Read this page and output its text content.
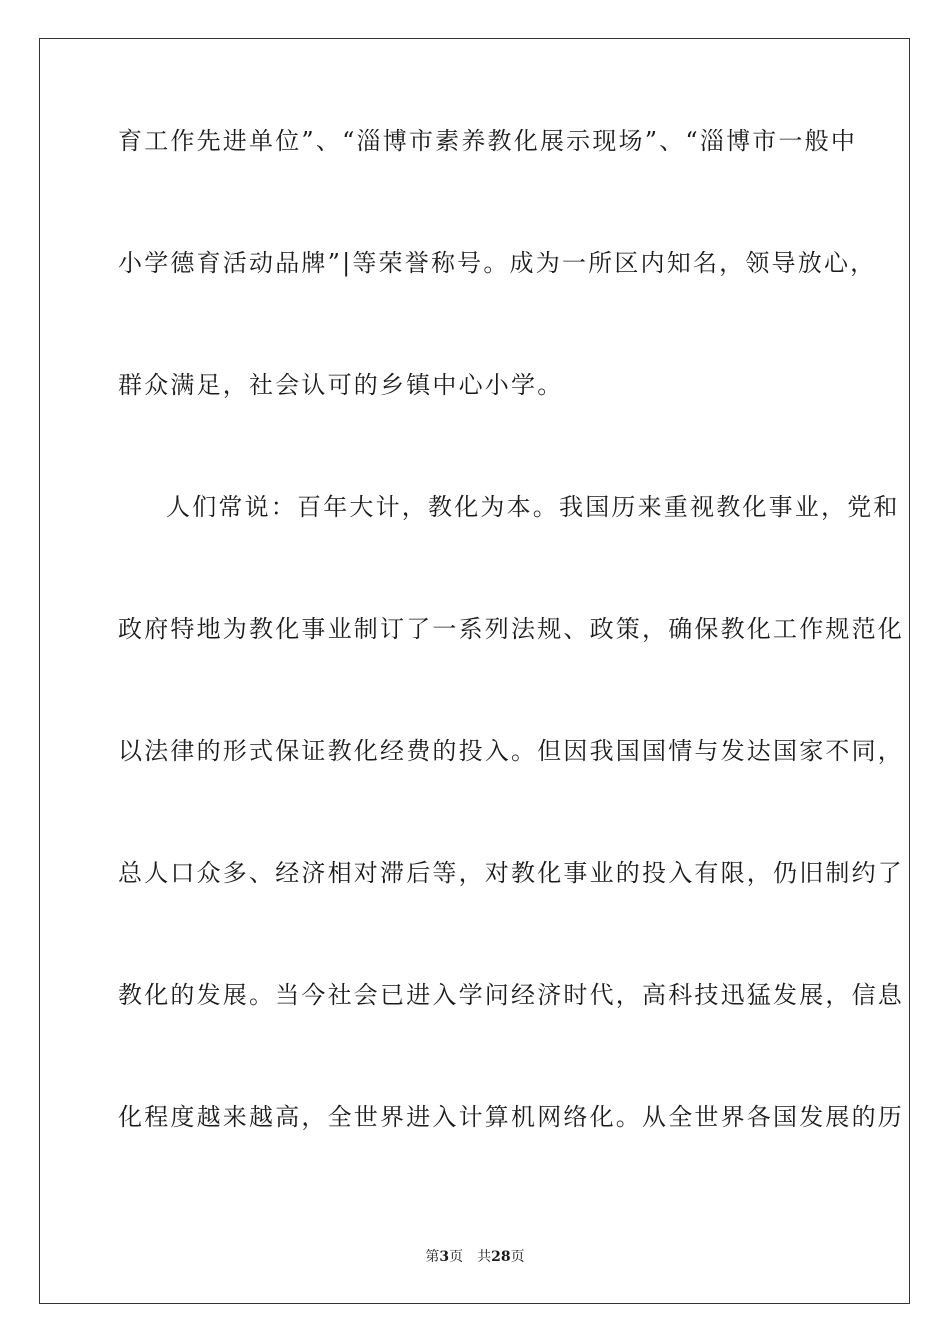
育工作先进单位”、“淄博市素养教化展示现场”、“淄博市一般中
小学德育活动品牌”|等荣誉称号。成为一所区内知名，领导放心，
群众满足，社会认可的乡镇中心小学。
人们常说：百年大计，教化为本。我国历来重视教化事业，党和
政府特地为教化事业制订了一系列法规、政策，确保教化工作规范化
以法律的形式保证教化经费的投入。但因我国国情与发达国家不同，
总人口众多、经济相对滞后等，对教化事业的投入有限，仍旧制约了
教化的发展。当今社会已进入学问经济时代，高科技迅猛发展，信息
化程度越来越高，全世界进入计算机网络化。从全世界各国发展的历
第3页 共28页
